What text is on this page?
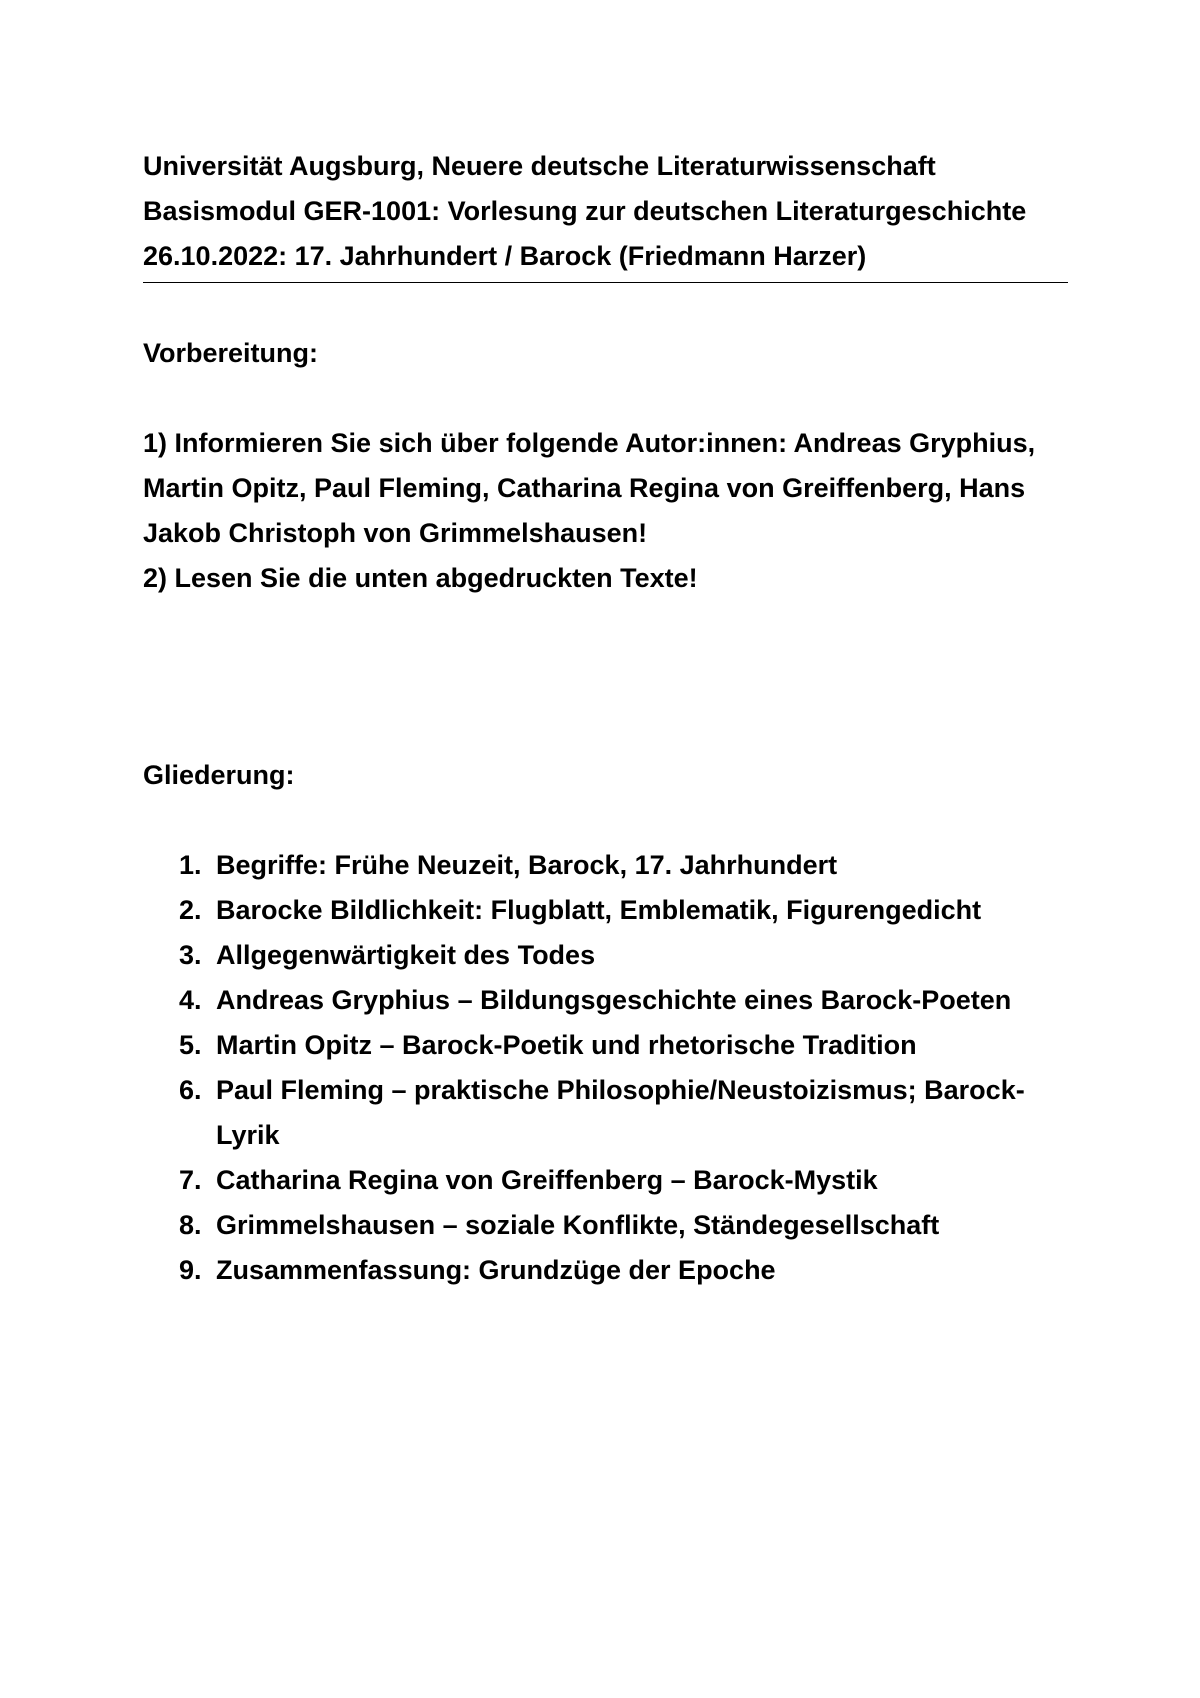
Universität Augsburg, Neuere deutsche Literaturwissenschaft
Basismodul GER-1001: Vorlesung zur deutschen Literaturgeschichte
26.10.2022: 17. Jahrhundert / Barock (Friedmann Harzer)
Vorbereitung:

1) Informieren Sie sich über folgende Autor:innen: Andreas Gryphius, Martin Opitz, Paul Fleming, Catharina Regina von Greiffenberg, Hans Jakob Christoph von Grimmelshausen!

2) Lesen Sie die unten abgedruckten Texte!

Gliederung:
1. Begriffe: Frühe Neuzeit, Barock, 17. Jahrhundert
2. Barocke Bildlichkeit: Flugblatt, Emblematik, Figurengedicht
3. Allgegenwärtigkeit des Todes
4. Andreas Gryphius – Bildungsgeschichte eines Barock-Poeten
5. Martin Opitz – Barock-Poetik und rhetorische Tradition
6. Paul Fleming – praktische Philosophie/Neustoizismus; Barock-Lyrik
7. Catharina Regina von Greiffenberg – Barock-Mystik
8. Grimmelshausen – soziale Konflikte, Ständegesellschaft
9. Zusammenfassung: Grundzüge der Epoche
